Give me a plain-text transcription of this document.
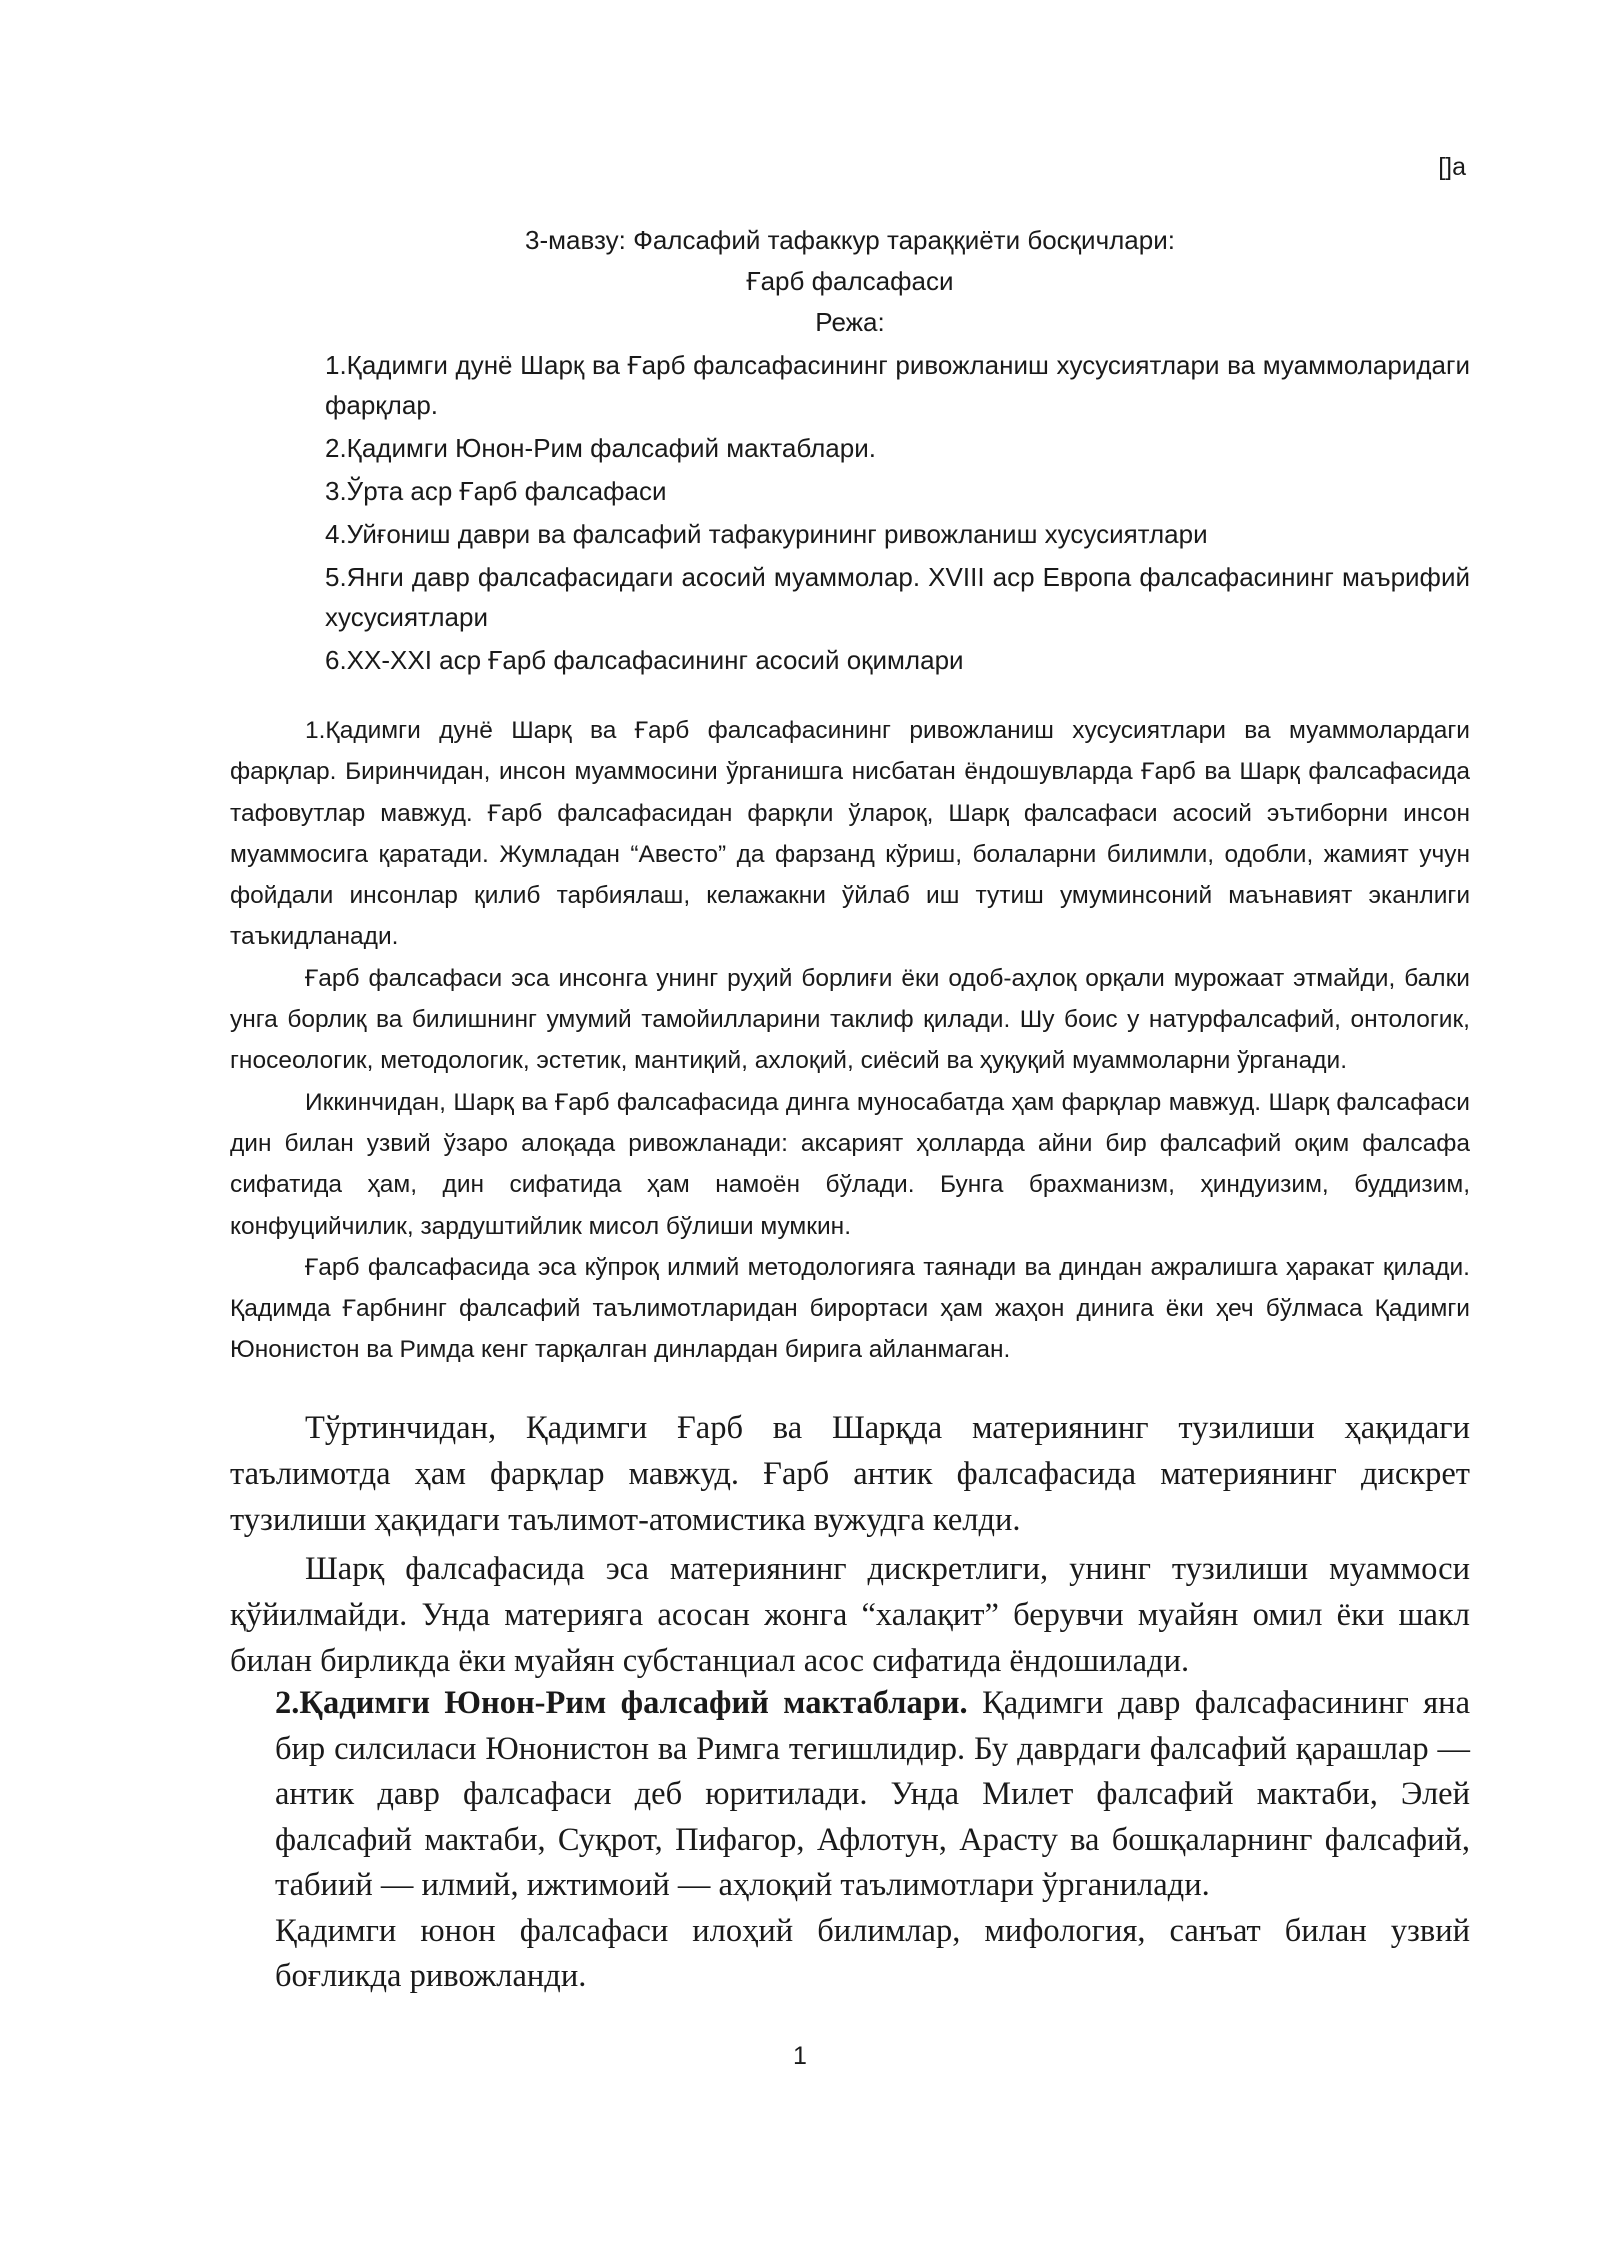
[]a
3-мавзу: Фалсафий тафаккур тараққиёти босқичлари:
Ғарб фалсафаси
Режа:
1.Қадимги дунё Шарқ ва Ғарб фалсафасининг ривожланиш хусусиятлари ва муаммоларидаги фарқлар.
2.Қадимги Юнон-Рим фалсафий мактаблари.
3.Ўрта аср Ғарб фалсафаси
4.Уйғониш даври ва фалсафий тафакурининг ривожланиш хусусиятлари
5.Янги давр фалсафасидаги асосий муаммолар. XVIII аср Европа фалсафасининг маърифий хусусиятлари
6.XX-XXI аср Ғарб фалсафасининг асосий оқимлари

1.Қадимги дунё Шарқ ва Ғарб фалсафасининг ривожланиш хусусиятлари ва муаммолардаги фарқлар. Биринчидан, инсон муаммосини ўрганишга нисбатан ёндошувларда Ғарб ва Шарқ фалсафасида тафовутлар мавжуд. Ғарб фалсафасидан фарқли ўлароқ, Шарқ фалсафаси асосий эътиборни инсон муаммосига қаратади. Жумладан “Авесто” да фарзанд кўриш, болаларни билимли, одобли, жамият учун фойдали инсонлар қилиб тарбиялаш, келажакни ўйлаб иш тутиш умуминсоний маънавият эканлиги таъкидланади.

Ғарб фалсафаси эса инсонга унинг руҳий борлиғи ёки одоб-аҳлоқ орқали мурожаат этмайди, балки унга борлиқ ва билишнинг умумий тамойилларини таклиф қилади. Шу боис у натурфалсафий, онтологик, гносеологик, методологик, эстетик, мантиқий, ахлоқий, сиёсий ва ҳуқуқий муаммоларни ўрганади.

Иккинчидан, Шарқ ва Ғарб фалсафасида динга муносабатда ҳам фарқлар мавжуд. Шарқ фалсафаси дин билан узвий ўзаро алоқада ривожланади: аксарият ҳолларда айни бир фалсафий оқим фалсафа сифатида ҳам, дин сифатида ҳам намоён бўлади. Бунга брахманизм, ҳиндуизим, буддизим, конфуцийчилик, зардуштийлик мисол бўлиши мумкин.

Ғарб фалсафасида эса кўпроқ илмий методологияга таянади ва диндан ажралишга ҳаракат қилади. Қадимда Ғарбнинг фалсафий таълимотларидан бирортаси ҳам жаҳон динига ёки ҳеч бўлмаса Қадимги Юнонистон ва Римда кенг тарқалган динлардан бирига айланмаган.

Тўртинчидан, Қадимги Ғарб ва Шарқда материянинг тузилиши ҳақидаги таълимотда ҳам фарқлар мавжуд. Ғарб антик фалсафасида материянинг дискрет тузилиши ҳақидаги таълимот-атомистика вужудга келди.

Шарқ фалсафасида эса материянинг дискретлиги, унинг тузилиши муаммоси қўйилмайди. Унда материяга асосан жонга “халақит” берувчи муайян омил ёки шакл билан бирликда ёки муайян субстанциал асос сифатида ёндошилади.

2.Қадимги Юнон-Рим фалсафий мактаблари. Қадимги давр фалсафасининг яна бир силсиласи Юнонистон ва Римга тегишлидир. Бу даврдаги фалсафий қарашлар — антик давр фалсафаси деб юритилади. Унда Милет фалсафий мактаби, Элей фалсафий мактаби, Суқрот, Пифагор, Афлотун, Арасту ва бошқаларнинг фалсафий, табиий — илмий, ижтимоий — аҳлоқий таълимотлари ўрганилади.

Қадимги юнон фалсафаси илоҳий билимлар, мифология, санъат билан узвий боғликда ривожланди.

1
